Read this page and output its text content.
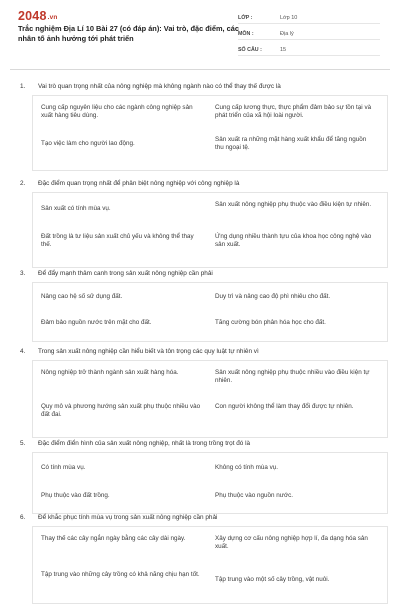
2048.vn
Trắc nghiệm Địa Lí 10 Bài 27 (có đáp án): Vai trò, đặc điểm, các nhân tố ảnh hưởng tới phát triển
LỚP :	Lớp 10
MÔN :	Địa lý
SỐ CÂU :	15
1. Vai trò quan trọng nhất của nông nghiệp mà không ngành nào có thể thay thế được là
Cung cấp nguyên liệu cho các ngành công nghiệp sản xuất hàng tiêu dùng.
Cung cấp lương thực, thực phẩm đảm bảo sự tồn tại và phát triển của xã hội loài người.
Tạo việc làm cho người lao động.
Sản xuất ra những mặt hàng xuất khẩu để tăng nguồn thu ngoại tệ.
2. Đặc điểm quan trọng nhất để phân biệt nông nghiệp với công nghiệp là
Sản xuất có tính mùa vụ.
Sản xuất nông nghiệp phụ thuộc vào điều kiện tự nhiên.
Đất trồng là tư liệu sản xuất chủ yếu và không thể thay thế.
Ứng dụng nhiều thành tựu của khoa học công nghệ vào sản xuất.
3. Để đẩy mạnh thâm canh trong sản xuất nông nghiệp cần phải
Nâng cao hệ số sử dụng đất.	Duy trì và nâng cao độ phì nhiêu cho đất.
Đảm bảo nguồn nước trên mặt cho đất.	Tăng cường bón phân hóa học cho đất.
4. Trong sản xuất nông nghiệp cần hiểu biết và tôn trọng các quy luật tự nhiên vì
Nông nghiệp trở thành ngành sản xuất hàng hóa.	Sản xuất nông nghiệp phụ thuộc nhiều vào điều kiện tự nhiên.
Quy mô và phương hướng sản xuất phụ thuộc nhiều vào đất đai.
Con người không thể làm thay đổi được tự nhiên.
5. Đặc điểm điển hình của sản xuất nông nghiệp, nhất là trong trồng trọt đó là
Có tính mùa vụ.	Không có tính mùa vụ.
Phụ thuộc vào đất trồng.	Phụ thuộc vào nguồn nước.
6. Để khắc phục tính mùa vụ trong sản xuất nông nghiệp cần phải
Thay thế các cây ngắn ngày bằng các cây dài ngày.	Xây dựng cơ cấu nông nghiệp hợp lí, đa dạng hóa sản xuất.
Tập trung vào những cây trồng có khả năng chịu hạn tốt.
Tập trung vào một số cây trồng, vật nuôi.
